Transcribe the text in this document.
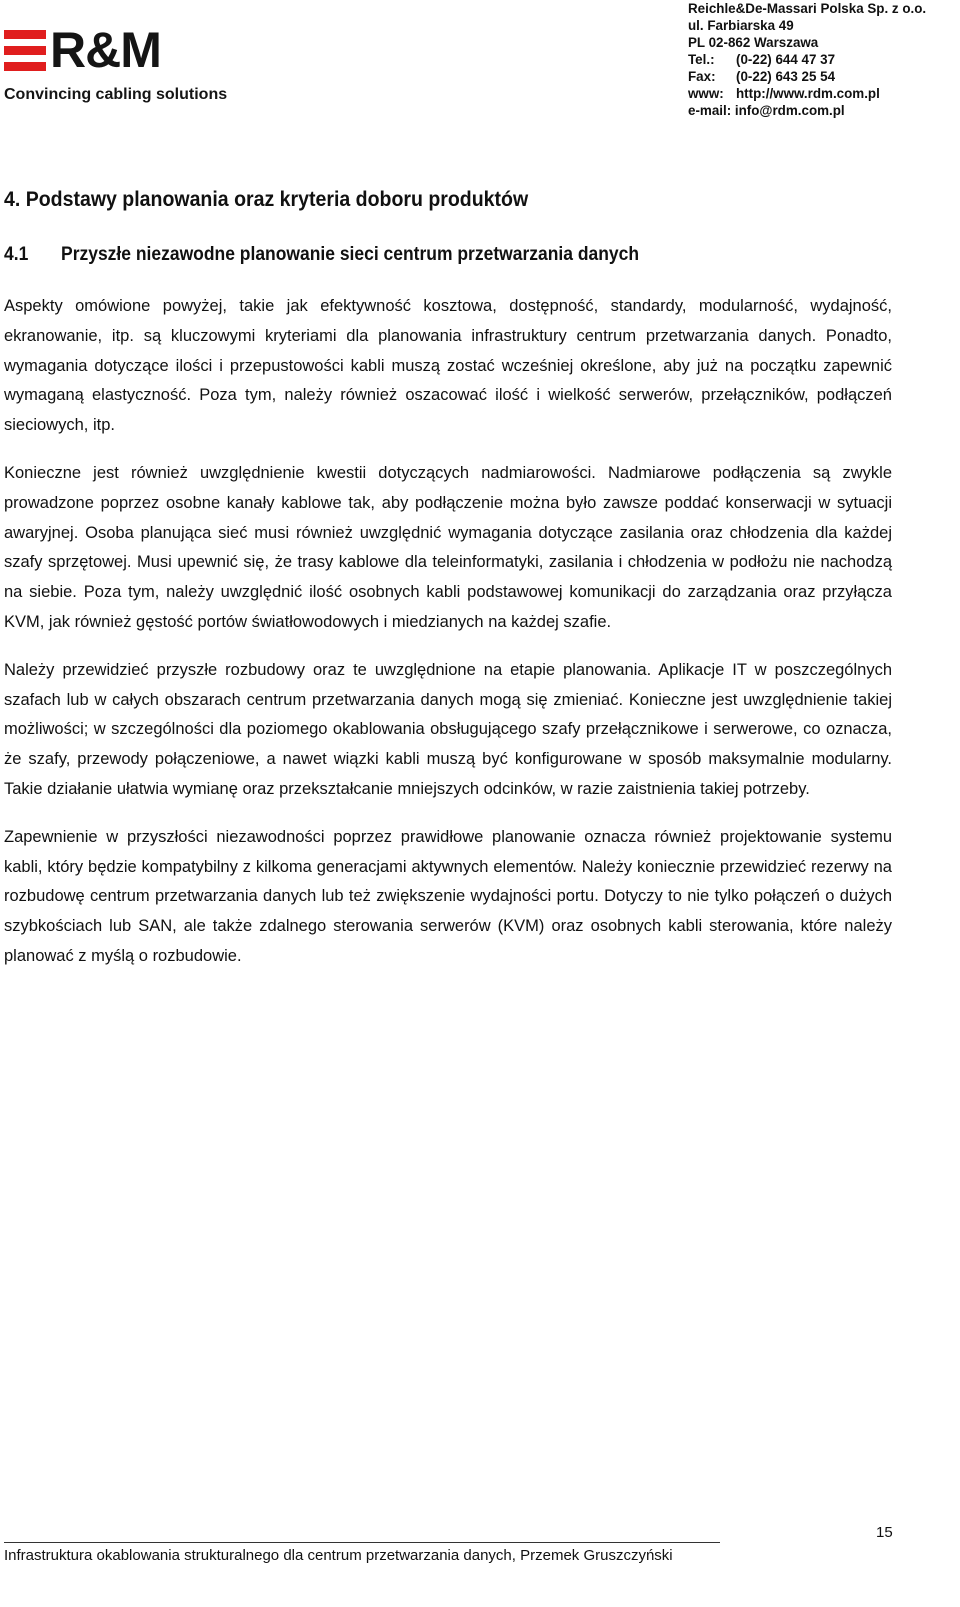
R&M
Convincing cabling solutions
Reichle&De-Massari Polska Sp. z o.o.
ul. Farbiarska 49
PL 02-862 Warszawa
Tel.: (0-22) 644 47 37
Fax: (0-22) 643 25 54
www: http://www.rdm.com.pl
e-mail: info@rdm.com.pl
4. Podstawy planowania oraz kryteria doboru produktów
4.1 Przyszłe niezawodne planowanie sieci centrum przetwarzania danych

Aspekty omówione powyżej, takie jak efektywność kosztowa, dostępność, standardy, modularność, wydajność, ekranowanie, itp. są kluczowymi kryteriami dla planowania infrastruktury centrum przetwarzania danych. Ponadto, wymagania dotyczące ilości i przepustowości kabli muszą zostać wcześniej określone, aby już na początku zapewnić wymaganą elastyczność. Poza tym, należy również oszacować ilość i wielkość serwerów, przełączników, podłączeń sieciowych, itp.

Konieczne jest również uwzględnienie kwestii dotyczących nadmiarowości. Nadmiarowe podłączenia są zwykle prowadzone poprzez osobne kanały kablowe tak, aby podłączenie można było zawsze poddać konserwacji w sytuacji awaryjnej. Osoba planująca sieć musi również uwzględnić wymagania dotyczące zasilania oraz chłodzenia dla każdej szafy sprzętowej. Musi upewnić się, że trasy kablowe dla teleinformatyki, zasilania i chłodzenia w podłożu nie nachodzą na siebie. Poza tym, należy uwzględnić ilość osobnych kabli podstawowej komunikacji do zarządzania oraz przyłącza KVM, jak również gęstość portów światłowodowych i miedzianych na każdej szafie.

Należy przewidzieć przyszłe rozbudowy oraz te uwzględnione na etapie planowania. Aplikacje IT w poszczególnych szafach lub w całych obszarach centrum przetwarzania danych mogą się zmieniać. Konieczne jest uwzględnienie takiej możliwości; w szczególności dla poziomego okablowania obsługującego szafy przełącznikowe i serwerowe, co oznacza, że szafy, przewody połączeniowe, a nawet wiązki kabli muszą być konfigurowane w sposób maksymalnie modularny. Takie działanie ułatwia wymianę oraz przekształcanie mniejszych odcinków, w razie zaistnienia takiej potrzeby.

Zapewnienie w przyszłości niezawodności poprzez prawidłowe planowanie oznacza również projektowanie systemu kabli, który będzie kompatybilny z kilkoma generacjami aktywnych elementów. Należy koniecznie przewidzieć rezerwy na rozbudowę centrum przetwarzania danych lub też zwiększenie wydajności portu. Dotyczy to nie tylko połączeń o dużych szybkościach lub SAN, ale także zdalnego sterowania serwerów (KVM) oraz osobnych kabli sterowania, które należy planować z myślą o rozbudowie.

15
Infrastruktura okablowania strukturalnego dla centrum przetwarzania danych, Przemek Gruszczyński
